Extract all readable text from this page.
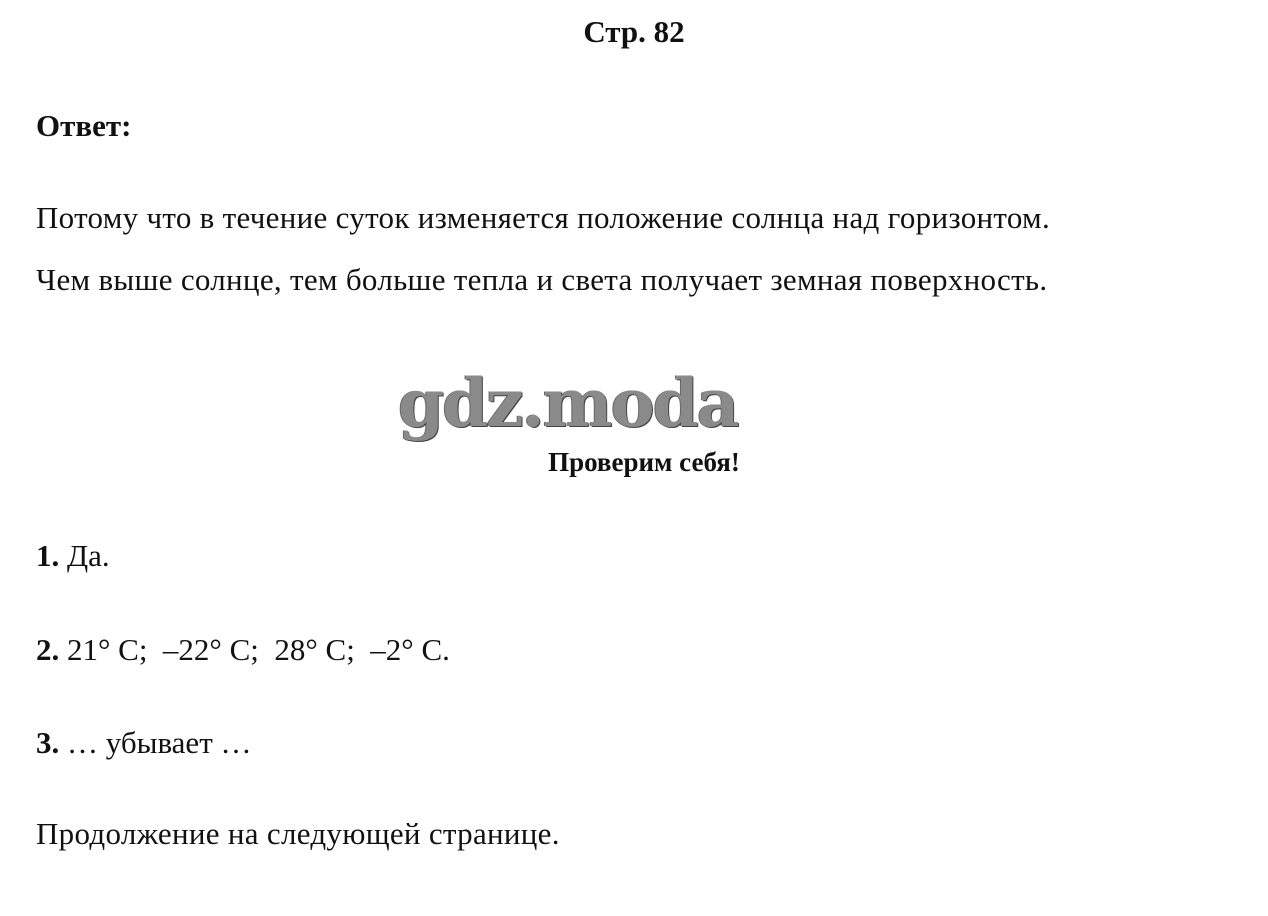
Стр. 82
Ответ:
Потому что в течение суток изменяется положение солнца над горизонтом.
Чем выше солнце, тем больше тепла и света получает земная поверхность.
gdz.moda
Проверим себя!
1. Да.
2. 21° С;  –22° С;  28° С;  –2° С.
3. … убывает …
Продолжение на следующей странице.
